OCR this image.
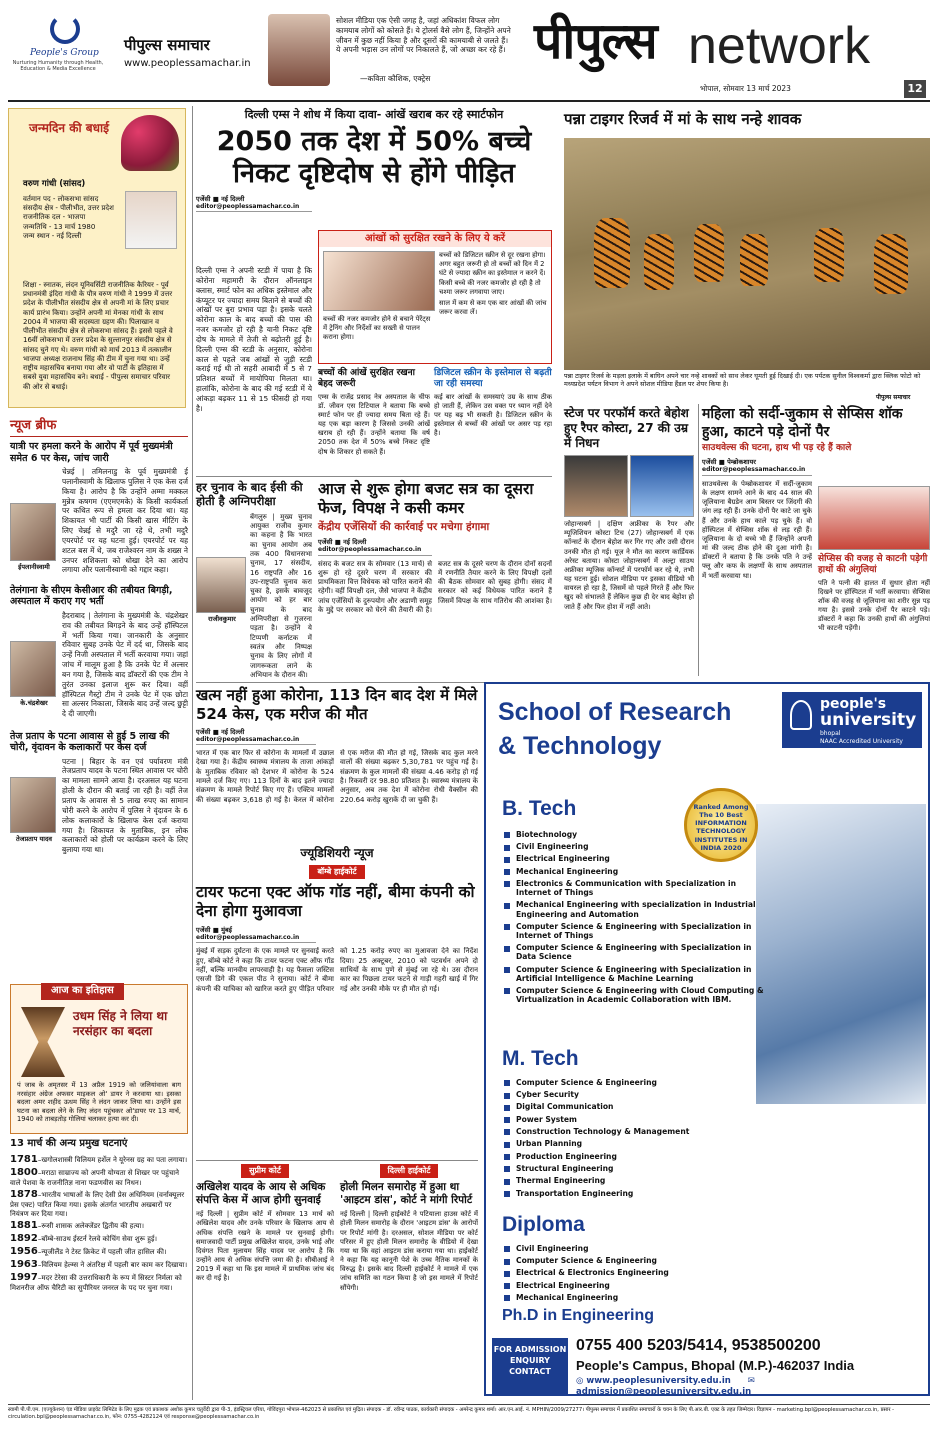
People's Group
Nurturing Humanity through Health, Education & Media Excellence
पीपुल्स समाचार
www.peoplessamachar.in
सोशल मीडिया एक ऐसी जगह है, जहां अधिकांश विफल लोग कामयाब लोगों को कोसते हैं। ये ट्रोलर्स वैसे लोग हैं, जिन्होंने अपने जीवन में कुछ नहीं किया है और दूसरों की कामयाबी से जलते हैं। ये अपनी भड़ास उन लोगों पर निकालते हैं, जो अच्छा कर रहे हैं।
—कविता कौशिक, एक्ट्रेस
पीपुल्स network
भोपाल, सोमवार 13 मार्च 2023	12
जन्मदिन की बधाई
वरुण गांधी (सांसद)
वर्तमान पद - लोकसभा सांसद
संसदीय क्षेत्र - पीलीभीत, उत्तर प्रदेश
राजनीतिक दल - भाजपा
जन्मतिथि - 13 मार्च 1980
जन्म स्थान - नई दिल्ली
शिक्षा - स्नातक, लंदन यूनिवर्सिटी राजनीतिक कैरियर - पूर्व प्रधानमंत्री इंदिरा गांधी के पौत्र वरुण गांधी ने 1999 में उत्तर प्रदेश के पीलीभीत संसदीय क्षेत्र से अपनी मां के लिए प्रचार कार्य प्रारंभ किया। उन्होंने अपनी मां मेनका गांधी के साथ 2004 में भाजपा की सदस्यता ग्रहण की। पिलाखान व पीलीभीत संसदीय क्षेत्र से लोकसभा सांसद हैं। इससे पहले वे 16वीं लोकसभा में उत्तर प्रदेश के सुल्तानपुर संसदीय क्षेत्र से सांसद चुने गए थे। वरुण गांधी को मार्च 2013 में तत्कालीन भाजपा अध्यक्ष राजनाथ सिंह की टीम में चुना गया था। उन्हें राष्ट्रीय महासचिव बनाया गया और वो पार्टी के इतिहास में सबसे युवा महासचिव बने। बधाई - पीपुल्स समाचार परिवार की ओर से बधाई।
न्यूज ब्रीफ
यात्री पर हमला करने के आरोप में पूर्व मुख्यमंत्री समेत 6 पर केस, जांच जारी
ईपलानीस्वामी
चेन्नई | तमिलनाडु के पूर्व मुख्यमंत्री ई पलानीस्वामी के खिलाफ पुलिस ने एक केस दर्ज किया है। आरोप है कि उन्होंने अम्मा मक्कल मुन्नेत्र कषगम (एएमएमके) के किसी कार्यकर्ता पर कथित रूप से हमला कर दिया था। यह शिकायत भी पार्टी की किसी खास मीटिंग के लिए चेन्नई से मदुरै जा रहे थे, तभी मदुरै एयरपोर्ट पर यह घटना हुई। एयरपोर्ट पर यह शटल बस में थे, जब राजेश्वरन नाम के शख्स ने उनपर शशिकला को धोखा देने का आरोप लगाया और पलानीस्वामी को गद्दार कहा।
तेलंगाना के सीएम केसीआर की तबीयत बिगड़ी, अस्पताल में कराए गए भर्ती
के.चंद्रशेखर
हैदराबाद | तेलंगाना के मुख्यमंत्री के. चंद्रशेखर राव की तबीयत बिगड़ने के बाद उन्हें हॉस्पिटल में भर्ती किया गया। जानकारी के अनुसार रविवार सुबह उनके पेट में दर्द था, जिसके बाद उन्हें निजी अस्पताल में भर्ती करवाया गया। जहां जांच में मालूम हुआ है कि उनके पेट में अल्सर बन गया है, जिसके बाद डॉक्टरों की एक टीम ने तुरंत उनका इलाज शुरू कर दिया। वहीं हॉस्पिटल गैस्ट्रो टीम ने उनके पेट में एक छोटा सा अल्सर निकाला, जिसके बाद उन्हें जल्द छुट्टी दे दी जाएगी।
तेज प्रताप के पटना आवास से हुई 5 लाख की चोरी, वृंदावन के कलाकारों पर केस दर्ज
तेजप्रताप यादव
पटना | बिहार के वन एवं पर्यावरण मंत्री तेजप्रताप यादव के पटना स्थित आवास पर चोरी का मामला सामने आया है। दरअसल यह घटना होली के दौरान की बताई जा रही है। वहीं तेज प्रताप के आवास से 5 लाख रुपए का सामान चोरी करने के आरोप में पुलिस ने वृंदावन के 6 लोक कलाकारों के खिलाफ केस दर्ज कराया गया है। शिकायत के मुताबिक, इन लोक कलाकारों को होली पर कार्यक्रम करने के लिए बुलाया गया था।
आज का इतिहास
उधम सिंह ने लिया था नरसंहार का बदला
पं जाब के अमृतसर में 13 अप्रैल 1919 को जलियांवाला बाग नरसंहार अंग्रेज अफसर माइकल ओ' डायर ने करवाया था। इसका बदला अमर शहीद ऊधम सिंह ने लंदन जाकर लिया था। उन्होंने इस घटना का बदला लेने के लिए लंदन पहुंचकर ओ'डायर पर 13 मार्च, 1940 को ताबड़तोड़ गोलियां चलाकर हत्या कर दी।
13 मार्च की अन्य प्रमुख घटनाएं
1781–खगोलशास्त्री विलियम हर्शेल ने यूरेनस ग्रह का पता लगाया।
1800–मराठा साम्राज्य को अपनी योग्यता से शिखर पर पहुंचाने वाले पेशवा के राजनीतिज्ञ नाना फडणवीस का निधन।
1878–भारतीय भाषाओं के लिए देसी प्रेस अधिनियम (वर्नाक्यूलर प्रेस एक्ट) पारित किया गया। इसके अंतर्गत भारतीय अखबारों पर नियंत्रण कर दिया गया।
1881–रूसी शासक अलेक्जेंडर द्वितीय की हत्या।
1892–बॉम्बे-साउथ ईस्टर्न रेलवे कोचिंग सेवा शुरू हुई।
1956–न्यूजीलैंड ने टेस्ट क्रिकेट में पहली जीत हासिल की।
1963–विलियम हेल्म्स ने अंतरिक्ष में पहली बार काम कर दिखाया।
1997–मदर टेरेसा की उत्तराधिकारी के रूप में सिस्टर निर्मला को मिशनरीज ऑफ चैरिटी का सुपीरियर जनरल के पद पर चुना गया।
दिल्ली एम्स ने शोध में किया दावा- आंखें खराब कर रहे स्मार्टफोन
2050 तक देश में 50% बच्चे निकट दृष्टिदोष से होंगे पीड़ित
एजेंसी ■ नई दिल्ली
editor@peoplessamachar.co.in
दिल्ली एम्स ने अपनी स्टडी में पाया है कि कोरोना महामारी के दौरान ऑनलाइन क्लास, स्मार्ट फोन का अधिक इस्तेमाल और कंप्यूटर पर ज्यादा समय बिताने से बच्चों की आंखों पर बुरा प्रभाव पड़ा है। इसके चलते कोरोना काल के बाद बच्चों की पास की नजर कमजोर हो रही है यानी निकट दृष्टि दोष के मामले में तेजी से बढ़ोतरी हुई है। दिल्ली एम्स की स्टडी के अनुसार, कोरोना काल से पहले जब आंखों से जुड़ी स्टडी कराई गई थी तो सहरी आबादी में 5 से 7 प्रतिशत बच्चों में मायोपिया मिलता था। हालांकि, कोरोना के बाद की गई स्टडी में ये आंकड़ा बढ़कर 11 से 15 फीसदी हो गया है।
आंखों को सुरक्षित रखने के लिए ये करें
बच्चों की नजर कमजोर होने से बचाने पेरेंट्स में ट्रेनिंग और निर्देशों का सख्ती से पालन कराना होगा।
बच्चों को डिजिटल स्क्रीन से दूर रखना होगा। अगर बहुत जरूरी हो तो बच्चों को दिन में 2 घंटे से ज्यादा स्क्रीन का इस्तेमाल न करने दें।
किसी बच्चे की नजर कमजोर हो रही है तो चश्मा जरूर लगवाया जाए।
साल में कम से कम एक बार आंखों की जांच जरूर करवा लें।
बच्चों की आंखें सुरक्षित रखना बेहद जरूरी
एम्स के राजेंद्र प्रसाद नेत्र अस्पताल के चीफ डॉ. जीवन एस टिटियाल ने बताया कि बच्चे स्मार्ट फोन पर ही ज्यादा समय बिता रहे हैं। यह एक बड़ा कारण है जिससे उनकी आंखें खराब हो रही हैं। उन्होंने बताया कि वर्ष 2050 तक देश में 50% बच्चे निकट दृष्टि दोष के शिकार हो सकते हैं।
डिजिटल स्क्रीन के इस्तेमाल से बढ़ती जा रही समस्या
कई बार आंखों के समस्याएं उम्र के साथ ठीक हो जाती हैं, लेकिन उस वक्त पर ध्यान नहीं देने पर यह बढ़ भी सकती है। डिजिटल स्क्रीन के इस्तेमाल से बच्चों की आंखों पर असर पड़ रहा है।
हर चुनाव के बाद ईसी की होती है अग्निपरीक्षा
राजीवकुमार
बेंगलुरु | मुख्य चुनाव आयुक्त राजीव कुमार का कहना है कि भारत का चुनाव आयोग अब तक 400 विधानसभा चुनाव, 17 संसदीय, 16 राष्ट्रपति और 16 उप-राष्ट्रपति चुनाव करा चुका है, इसके बावजूद आयोग को हर बार चुनाव के बाद अग्निपरीक्षा से गुजरना पड़ता है। उन्होंने ये टिप्पणी कर्नाटक में स्वतंत्र और निष्पक्ष चुनाव के लिए लोगों में जागरूकता लाने के अभियान के दौरान की।
आज से शुरू होगा बजट सत्र का दूसरा फेज, विपक्ष ने कसी कमर
केंद्रीय एजेंसियों की कार्रवाई पर मचेगा हंगामा
एजेंसी ■ नई दिल्ली
editor@peoplessamachar.co.in
संसद के बजट सत्र के सोमवार (13 मार्च) से शुरू हो रहे दूसरे चरण में सरकार की प्राथमिकता वित्त विधेयक को पारित कराने की रहेगी। वहीं विपक्षी दल, जैसे भाजपा ने केंद्रीय जांच एजेंसियों के दुरुपयोग और अडाणी समूह के मुद्दे पर सरकार को घेरने की तैयारी की है। बजट सत्र के दूसरे चरण के दौरान दोनों सदनों में रणनीति तैयार करने के लिए विपक्षी दलों की बैठक सोमवार को सुबह होगी। संसद में सरकार को कई विधेयक पारित कराने हैं जिसमें विपक्ष के साथ गतिरोध की आशंका है।
खत्म नहीं हुआ कोरोना, 113 दिन बाद देश में मिले 524 केस, एक मरीज की मौत
एजेंसी ■ नई दिल्ली
editor@peoplessamachar.co.in
भारत में एक बार फिर से कोरोना के मामलों में उछाल देखा गया है। केंद्रीय स्वास्थ्य मंत्रालय के ताजा आंकड़ों के मुताबिक रविवार को देशभर में कोरोना के 524 मामले दर्ज किए गए। 113 दिनों के बाद इतने ज्यादा संक्रमण के मामले रिपोर्ट किए गए हैं। एक्टिव मामलों की संख्या बढ़कर 3,618 हो गई है। केरल में कोरोना से एक मरीज की मौत हो गई, जिसके बाद कुल मरने वालों की संख्या बढ़कर 5,30,781 पर पहुंच गई है। संक्रमण के कुल मामलों की संख्या 4.46 करोड़ हो गई है। रिकवरी दर 98.80 प्रतिशत है। स्वास्थ्य मंत्रालय के अनुसार, अब तक देश में कोरोना रोधी वैक्सीन की 220.64 करोड़ खुराकें दी जा चुकी हैं।
ज्यूडिशियरी न्यूज
बॉम्बे हाईकोर्ट
टायर फटना एक्ट ऑफ गॉड नहीं, बीमा कंपनी को देना होगा मुआवजा
एजेंसी ■ मुंबई
editor@peoplessamachar.co.in
मुंबई में सड़क दुर्घटना के एक मामले पर सुनवाई करते हुए, बॉम्बे कोर्ट ने कहा कि टायर फटना एक्ट ऑफ गॉड नहीं, बल्कि मानवीय लापरवाही है। यह फैसला जस्टिस एसजी डिगे की एकल पीठ ने सुनाया। कोर्ट ने बीमा कंपनी की याचिका को खारिज करते हुए पीड़ित परिवार को 1.25 करोड़ रुपए का मुआवजा देने का निर्देश दिया। 25 अक्टूबर, 2010 को पटवर्धन अपने दो साथियों के साथ पुणे से मुंबई जा रहे थे। उस दौरान कार का पिछला टायर फटने से गाड़ी गहरी खाई में गिर गई और उनकी मौके पर ही मौत हो गई।
सुप्रीम कोर्ट
अखिलेश यादव के आय से अधिक संपत्ति केस में आज होगी सुनवाई
नई दिल्ली | सुप्रीम कोर्ट में सोमवार 13 मार्च को अखिलेश यादव और उनके परिवार के खिलाफ आय से अधिक संपत्ति रखने के मामले पर सुनवाई होगी। समाजवादी पार्टी प्रमुख अखिलेश यादव, उनके भाई और दिवंगत पिता मुलायम सिंह यादव पर आरोप है कि उन्होंने आय से अधिक संपत्ति जमा की है। सीबीआई ने 2019 में कहा था कि इस मामले में प्राथमिक जांच बंद कर दी गई है।
दिल्ली हाईकोर्ट
होली मिलन समारोह में हुआ था 'आइटम डांस', कोर्ट ने मांगी रिपोर्ट
नई दिल्ली | दिल्ली हाईकोर्ट ने पटियाला हाउस कोर्ट में होली मिलन समारोह के दौरान 'आइटम डांस' के आरोपों पर रिपोर्ट मांगी है। दरअसल, सोशल मीडिया पर कोर्ट परिसर में हुए होली मिलन समारोह के वीडियो में देखा गया था कि वहां आइटम डांस कराया गया था। हाईकोर्ट ने कहा कि यह कानूनी पेशे के उच्च नैतिक मानकों के विरुद्ध है। इसके बाद दिल्ली हाईकोर्ट ने मामले में एक जांच समिति का गठन किया है जो इस मामले में रिपोर्ट सौंपेगी।
पन्ना टाइगर रिजर्व में मां के साथ नन्हे शावक
पन्ना टाइगर रिजर्व के मड़ला इलाके में बाघिन अपने चार नन्हे शावकों को साथ लेकर घूमती हुई दिखाई दी। एक पर्यटक सुनील विश्वकर्मा द्वारा क्लिक फोटो को मध्यप्रदेश पर्यटन विभाग ने अपने सोशल मीडिया हैंडल पर शेयर किया है।
पीपुल्स समाचार
स्टेज पर परफॉर्म करते बेहोश हुए रैपर कोस्टा, 27 की उम्र में निधन
जोहान्सबर्ग | दक्षिण अफ्रीका के रैपर और म्यूजिशियन कोस्टा टिच (27) जोहान्सबर्ग में एक कॉन्सर्ट के दौरान बेहोश कर गिर गए और उसी दौरान उनकी मौत हो गई। यूज़ ने मौत का कारण कार्डियक अरेस्ट बताया। कोस्टा जोहान्सबर्ग में अल्ट्रा साउथ अफ्रीका म्यूजिक कॉन्सर्ट में परफॉर्म कर रहे थे, तभी यह घटना हुई। सोशल मीडिया पर इसका वीडियो भी वायरल हो रहा है, जिसमें वो पहले गिरते हैं और फिर खुद को संभालते हैं लेकिन कुछ ही देर बाद बेहोश हो जाते हैं और फिर होश में नहीं आते।
महिला को सर्दी-जुकाम से सेप्सिस शॉक हुआ, काटने पड़े दोनों पैर
साउथवेल्स की घटना, हाथ भी पड़ रहे हैं काले
एजेंसी ■ पेम्ब्रोकशायर
editor@peoplessamachar.co.in
साउथवेल्स के पेम्ब्रोकशायर में सर्दी-जुकाम के लक्षण सामने आने के बाद 44 साल की जूलियाना बैग्रडेन आम बिस्तर पर जिंदगी की जंग लड़ रही हैं। उनके दोनों पैर काटे जा चुके हैं और उनके हाथ काले पड़ चुके हैं। वो हॉस्पिटल में सेप्सिस शॉक से लड़ रही हैं। जूलियाना के दो बच्चे भी हैं जिन्होंने अपनी मां की जल्द ठीक होने की दुआ मांगी है। डॉक्टरों ने बताया है कि उनके पति ने उन्हें फ्लू और कफ के लक्षणों के साथ अस्पताल में भर्ती करवाया था।
सेप्सिस की वजह से काटनी पड़ेगी हाथों की अंगुलियां
पति ने पत्नी की हालत में सुधार होता नहीं दिखने पर हॉस्पिटल में भर्ती करवाया। सेप्सिस शॉक की वजह से जूलियाना का शरीर सुन्न पड़ गया है। इससे उनके दोनों पैर काटने पड़े। डॉक्टरों ने कहा कि उनकी हाथों की अंगुलियां भी काटनी पड़ेंगी।
School of Research
& Technology
people's
university
bhopal
NAAC Accredited University
Ranked Among The 10 Best INFORMATION TECHNOLOGY INSTITUTES IN INDIA 2020
B. Tech
Biotechnology
Civil Engineering
Electrical Engineering
Mechanical Engineering
Electronics & Communication with Specialization in Internet of Things
Mechanical Engineering with specialization in Industrial Engineering and Automation
Computer Science & Engineering with Specialization in Internet of Things
Computer Science & Engineering with Specialization in Data Science
Computer Science & Engineering with Specialization in Artificial Intelligence & Machine Learning
Computer Science & Engineering with Cloud Computing & Virtualization in Academic Collaboration with IBM.
M. Tech
Computer Science & Engineering
Cyber Security
Digital Communication
Power System
Construction Technology & Management
Urban Planning
Production Engineering
Structural Engineering
Thermal Engineering
Transportation Engineering
Diploma
Civil Engineering
Computer Science & Engineering
Electrical & Electronics Engineering
Electrical Engineering
Mechanical Engineering
Ph.D in Engineering
FOR ADMISSION ENQUIRY CONTACT
0755 400 5203/5414, 9538500200
People's Campus, Bhopal (M.P.)-462037 India
◎ www.peoplesuniversity.edu.in ✉ admission@peoplesuniversity.edu.in
स्वामी पी.पी.एम. (एज्युकेशन) एंड मीडिया प्राइवेट लिमिटेड के लिए मुद्रक एवं प्रकाशक अशोक कुमार चतुर्वेदी द्वारा पी-3, इंडस्ट्रियल एरिया, गोविंदपुरा भोपाल-462023 से प्रकाशित एवं मुद्रित। संपादक - डॉ. रवीन्द्र पाठक, कार्यकारी संपादक - अमरेन्द्र कुमार शर्मा। आर.एन.आई. नं. MPHIN/2009/27277। पीपुल्स समाचार में प्रकाशित समाचारों के चयन के लिए पी.आर.बी. एक्ट के तहत जिम्मेदार। विज्ञापन - marketing.bpl@peoplessamachar.co.in, प्रसार - circulation.bpl@peoplessamachar.co.in, फोन: 0755-4282124 एवं response@peoplessamachar.co.in
